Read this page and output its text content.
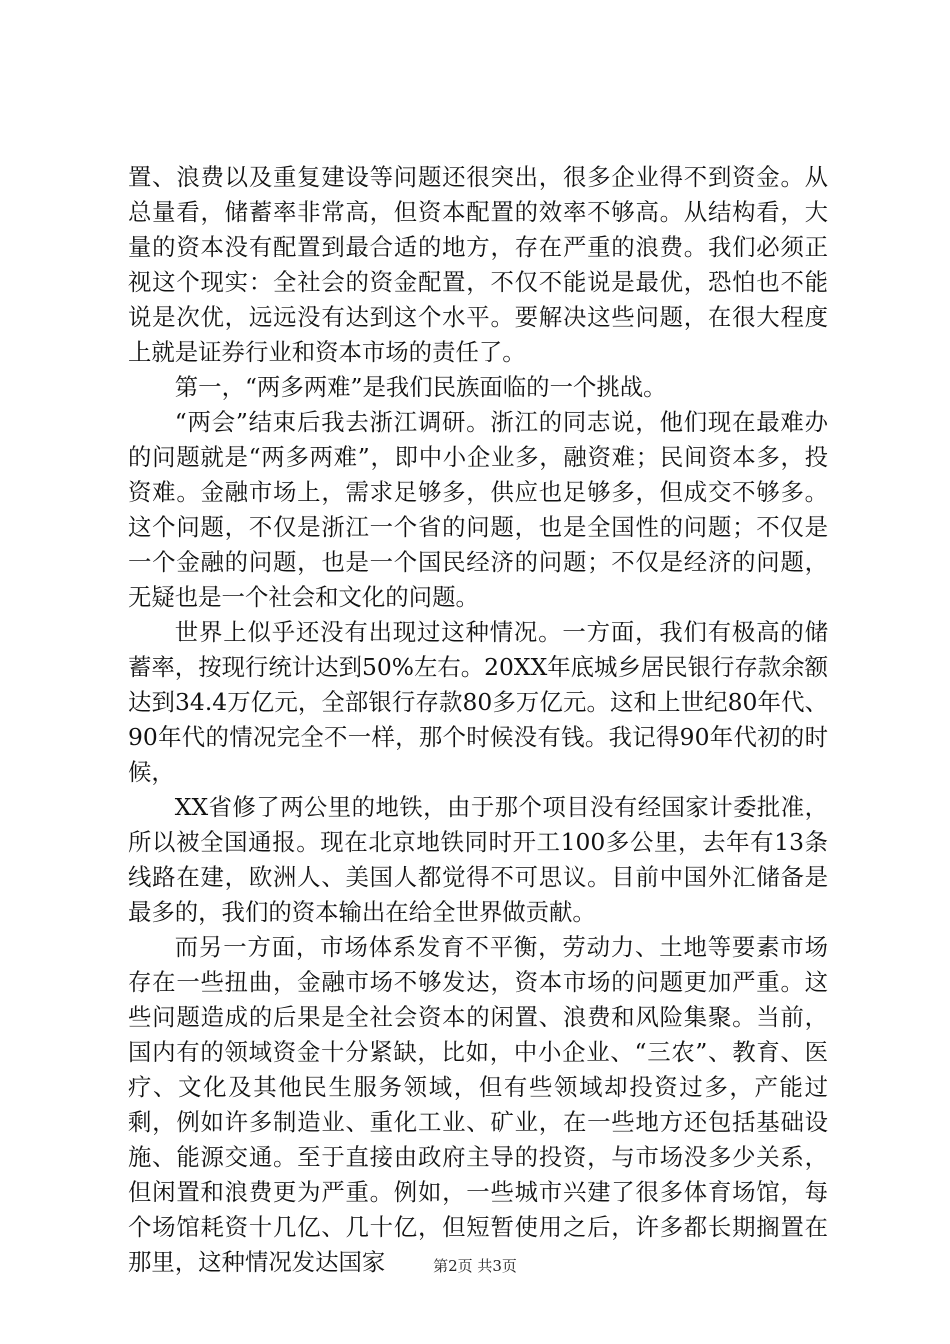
置、浪费以及重复建设等问题还很突出，很多企业得不到资金。从总量看，储蓄率非常高，但资本配置的效率不够高。从结构看，大量的资本没有配置到最合适的地方，存在严重的浪费。我们必须正视这个现实：全社会的资金配置，不仅不能说是最优，恐怕也不能说是次优，远远没有达到这个水平。要解决这些问题，在很大程度上就是证券行业和资本市场的责任了。

第一，“两多两难”是我们民族面临的一个挑战。

“两会”结束后我去浙江调研。浙江的同志说，他们现在最难办的问题就是“两多两难”，即中小企业多，融资难；民间资本多，投资难。金融市场上，需求足够多，供应也足够多，但成交不够多。这个问题，不仅是浙江一个省的问题，也是全国性的问题；不仅是一个金融的问题，也是一个国民经济的问题；不仅是经济的问题，无疑也是一个社会和文化的问题。

世界上似乎还没有出现过这种情况。一方面，我们有极高的储蓄率，按现行统计达到50%左右。20XX年底城乡居民银行存款余额达到34.4万亿元，全部银行存款80多万亿元。这和上世纪80年代、90年代的情况完全不一样，那个时候没有钱。我记得90年代初的时候，

XX省修了两公里的地铁，由于那个项目没有经国家计委批准，所以被全国通报。现在北京地铁同时开工100多公里，去年有13条线路在建，欧洲人、美国人都觉得不可思议。目前中国外汇储备是最多的，我们的资本输出在给全世界做贡献。

而另一方面，市场体系发育不平衡，劳动力、土地等要素市场存在一些扭曲，金融市场不够发达，资本市场的问题更加严重。这些问题造成的后果是全社会资本的闲置、浪费和风险集聚。当前，国内有的领域资金十分紧缺，比如，中小企业、“三农”、教育、医疗、文化及其他民生服务领域，但有些领域却投资过多，产能过剩，例如许多制造业、重化工业、矿业，在一些地方还包括基础设施、能源交通。至于直接由政府主导的投资，与市场没多少关系，但闲置和浪费更为严重。例如，一些城市兴建了很多体育场馆，每个场馆耗资十几亿、几十亿，但短暂使用之后，许多都长期搁置在那里，这种情况发达国家	第2页 共3页
